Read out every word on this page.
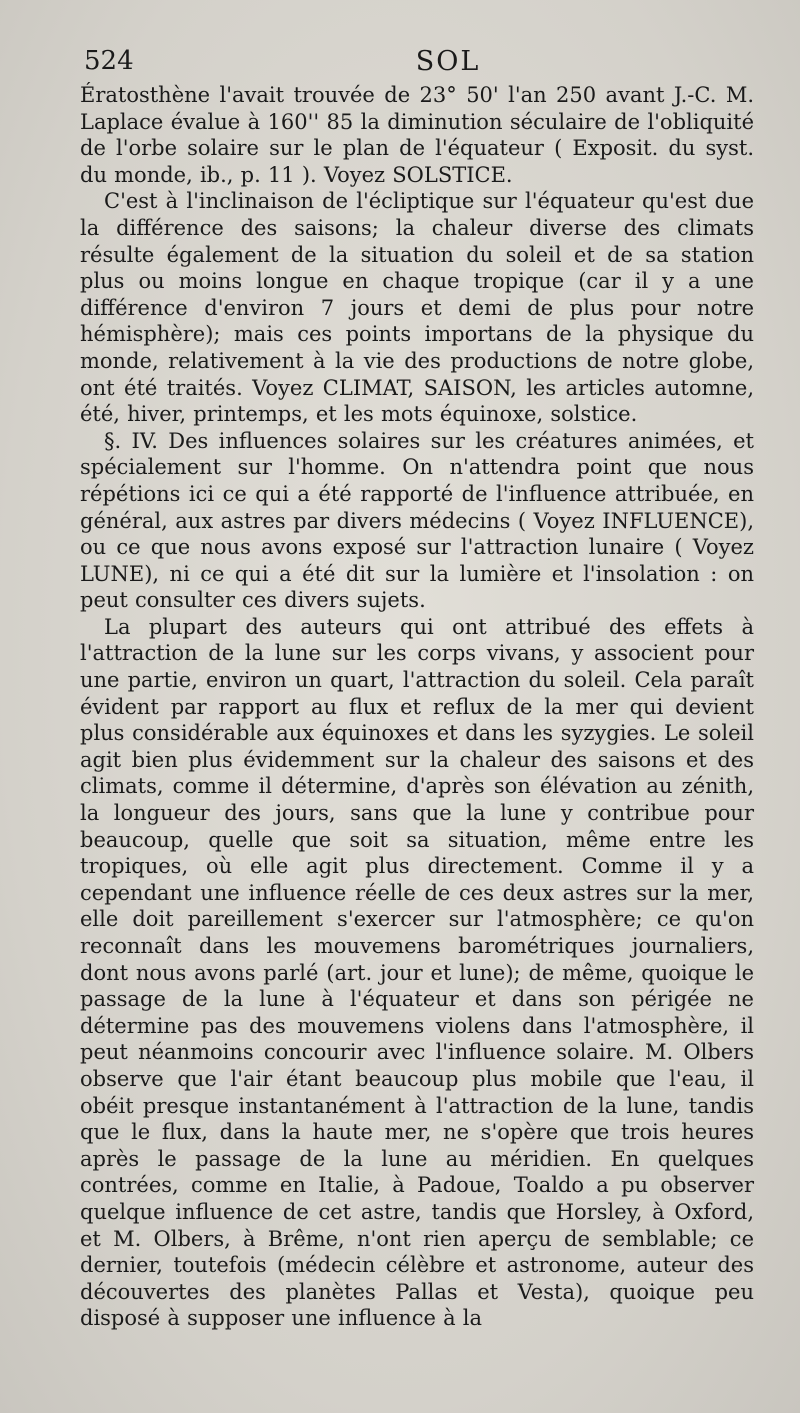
524	SOL

Ératosthène l'avait trouvée de 23° 50' l'an 250 avant J.-C. M. Laplace évalue à 160'' 85 la diminution séculaire de l'obliquité de l'orbe solaire sur le plan de l'équateur ( Exposit. du syst. du monde, ib., p. 11 ). Voyez SOLSTICE.

C'est à l'inclinaison de l'écliptique sur l'équateur qu'est due la différence des saisons; la chaleur diverse des climats résulte également de la situation du soleil et de sa station plus ou moins longue en chaque tropique (car il y a une différence d'environ 7 jours et demi de plus pour notre hémisphère); mais ces points importans de la physique du monde, relativement à la vie des productions de notre globe, ont été traités. Voyez CLIMAT, SAISON, les articles automne, été, hiver, printemps, et les mots équinoxe, solstice.

§. IV. Des influences solaires sur les créatures animées, et spécialement sur l'homme. On n'attendra point que nous répétions ici ce qui a été rapporté de l'influence attribuée, en général, aux astres par divers médecins ( Voyez INFLUENCE), ou ce que nous avons exposé sur l'attraction lunaire ( Voyez LUNE), ni ce qui a été dit sur la lumière et l'insolation : on peut consulter ces divers sujets.

La plupart des auteurs qui ont attribué des effets à l'attraction de la lune sur les corps vivans, y associent pour une partie, environ un quart, l'attraction du soleil. Cela paraît évident par rapport au flux et reflux de la mer qui devient plus considérable aux équinoxes et dans les syzygies. Le soleil agit bien plus évidemment sur la chaleur des saisons et des climats, comme il détermine, d'après son élévation au zénith, la longueur des jours, sans que la lune y contribue pour beaucoup, quelle que soit sa situation, même entre les tropiques, où elle agit plus directement. Comme il y a cependant une influence réelle de ces deux astres sur la mer, elle doit pareillement s'exercer sur l'atmosphère; ce qu'on reconnaît dans les mouvemens barométriques journaliers, dont nous avons parlé (art. jour et lune); de même, quoique le passage de la lune à l'équateur et dans son périgée ne détermine pas des mouvemens violens dans l'atmosphère, il peut néanmoins concourir avec l'influence solaire. M. Olbers observe que l'air étant beaucoup plus mobile que l'eau, il obéit presque instantanément à l'attraction de la lune, tandis que le flux, dans la haute mer, ne s'opère que trois heures après le passage de la lune au méridien. En quelques contrées, comme en Italie, à Padoue, Toaldo a pu observer quelque influence de cet astre, tandis que Horsley, à Oxford, et M. Olbers, à Brême, n'ont rien aperçu de semblable; ce dernier, toutefois (médecin célèbre et astronome, auteur des découvertes des planètes Pallas et Vesta), quoique peu disposé à supposer une influence à la
